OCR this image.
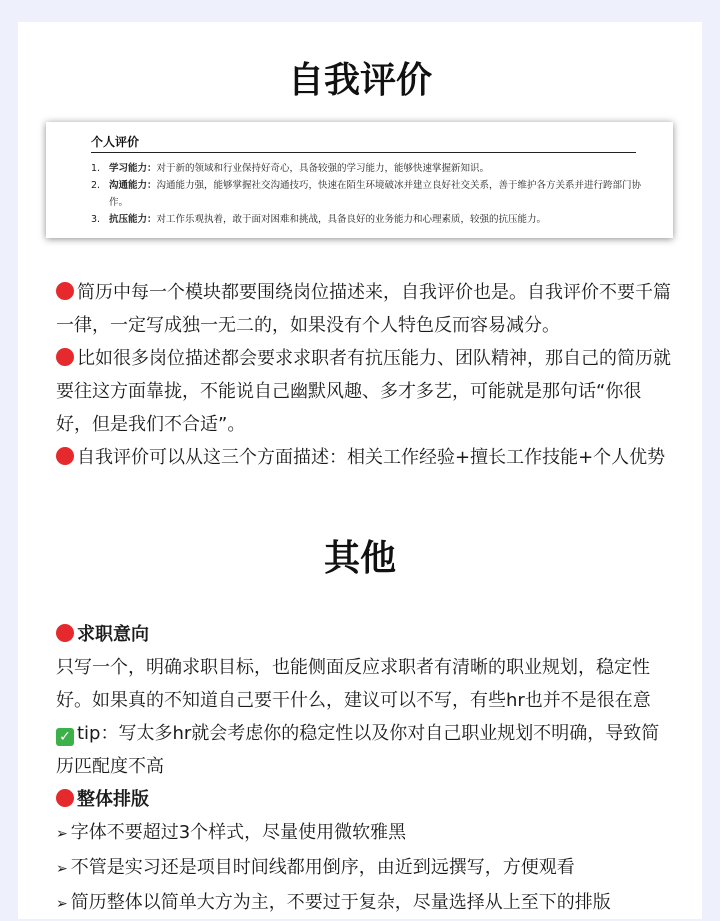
自我评价
个人评价
1. 学习能力：对于新的领域和行业保持好奇心，具备较强的学习能力，能够快速掌握新知识。
2. 沟通能力：沟通能力强，能够掌握社交沟通技巧，快速在陌生环境破冰并建立良好社交关系，善于维护各方关系并进行跨部门协作。
3. 抗压能力：对工作乐观执着，敢于面对困难和挑战，具备良好的业务能力和心理素质，较强的抗压能力。

简历中每一个模块都要围绕岗位描述来，自我评价也是。自我评价不要千篇一律，一定写成独一无二的，如果没有个人特色反而容易减分。

比如很多岗位描述都会要求求职者有抗压能力、团队精神，那自己的简历就要往这方面靠拢，不能说自己幽默风趣、多才多艺，可能就是那句话“你很好，但是我们不合适”。

自我评价可以从这三个方面描述：相关工作经验+擅长工作技能+个人优势

其他

求职意向

只写一个，明确求职目标，也能侧面反应求职者有清晰的职业规划，稳定性好。如果真的不知道自己要干什么，建议可以不写，有些hr也并不是很在意

✓ tip：写太多hr就会考虑你的稳定性以及你对自己职业规划不明确，导致简历匹配度不高

整体排版

➢ 字体不要超过3个样式，尽量使用微软雅黑

➢ 不管是实习还是项目时间线都用倒序，由近到远撰写，方便观看

➢ 简历整体以简单大方为主，不要过于复杂，尽量选择从上至下的排版
